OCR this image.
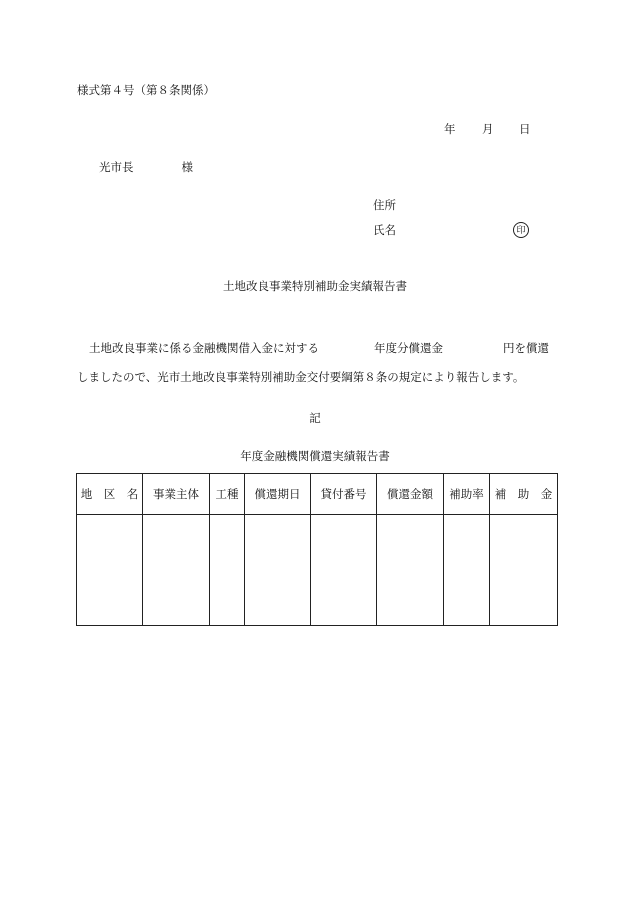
様式第４号（第８条関係）
年 月 日
光市長	様
住所
氏名	印
土地改良事業特別補助金実績報告書
土地改良事業に係る金融機関借入金に対する	年度分償還金	円を償還
しましたので、光市土地改良事業特別補助金交付要綱第８条の規定により報告します。
記
年度金融機関償還実績報告書
地　区　名	事業主体	工種	償還期日	貸付番号	償還金額	補助率	補　助　金
